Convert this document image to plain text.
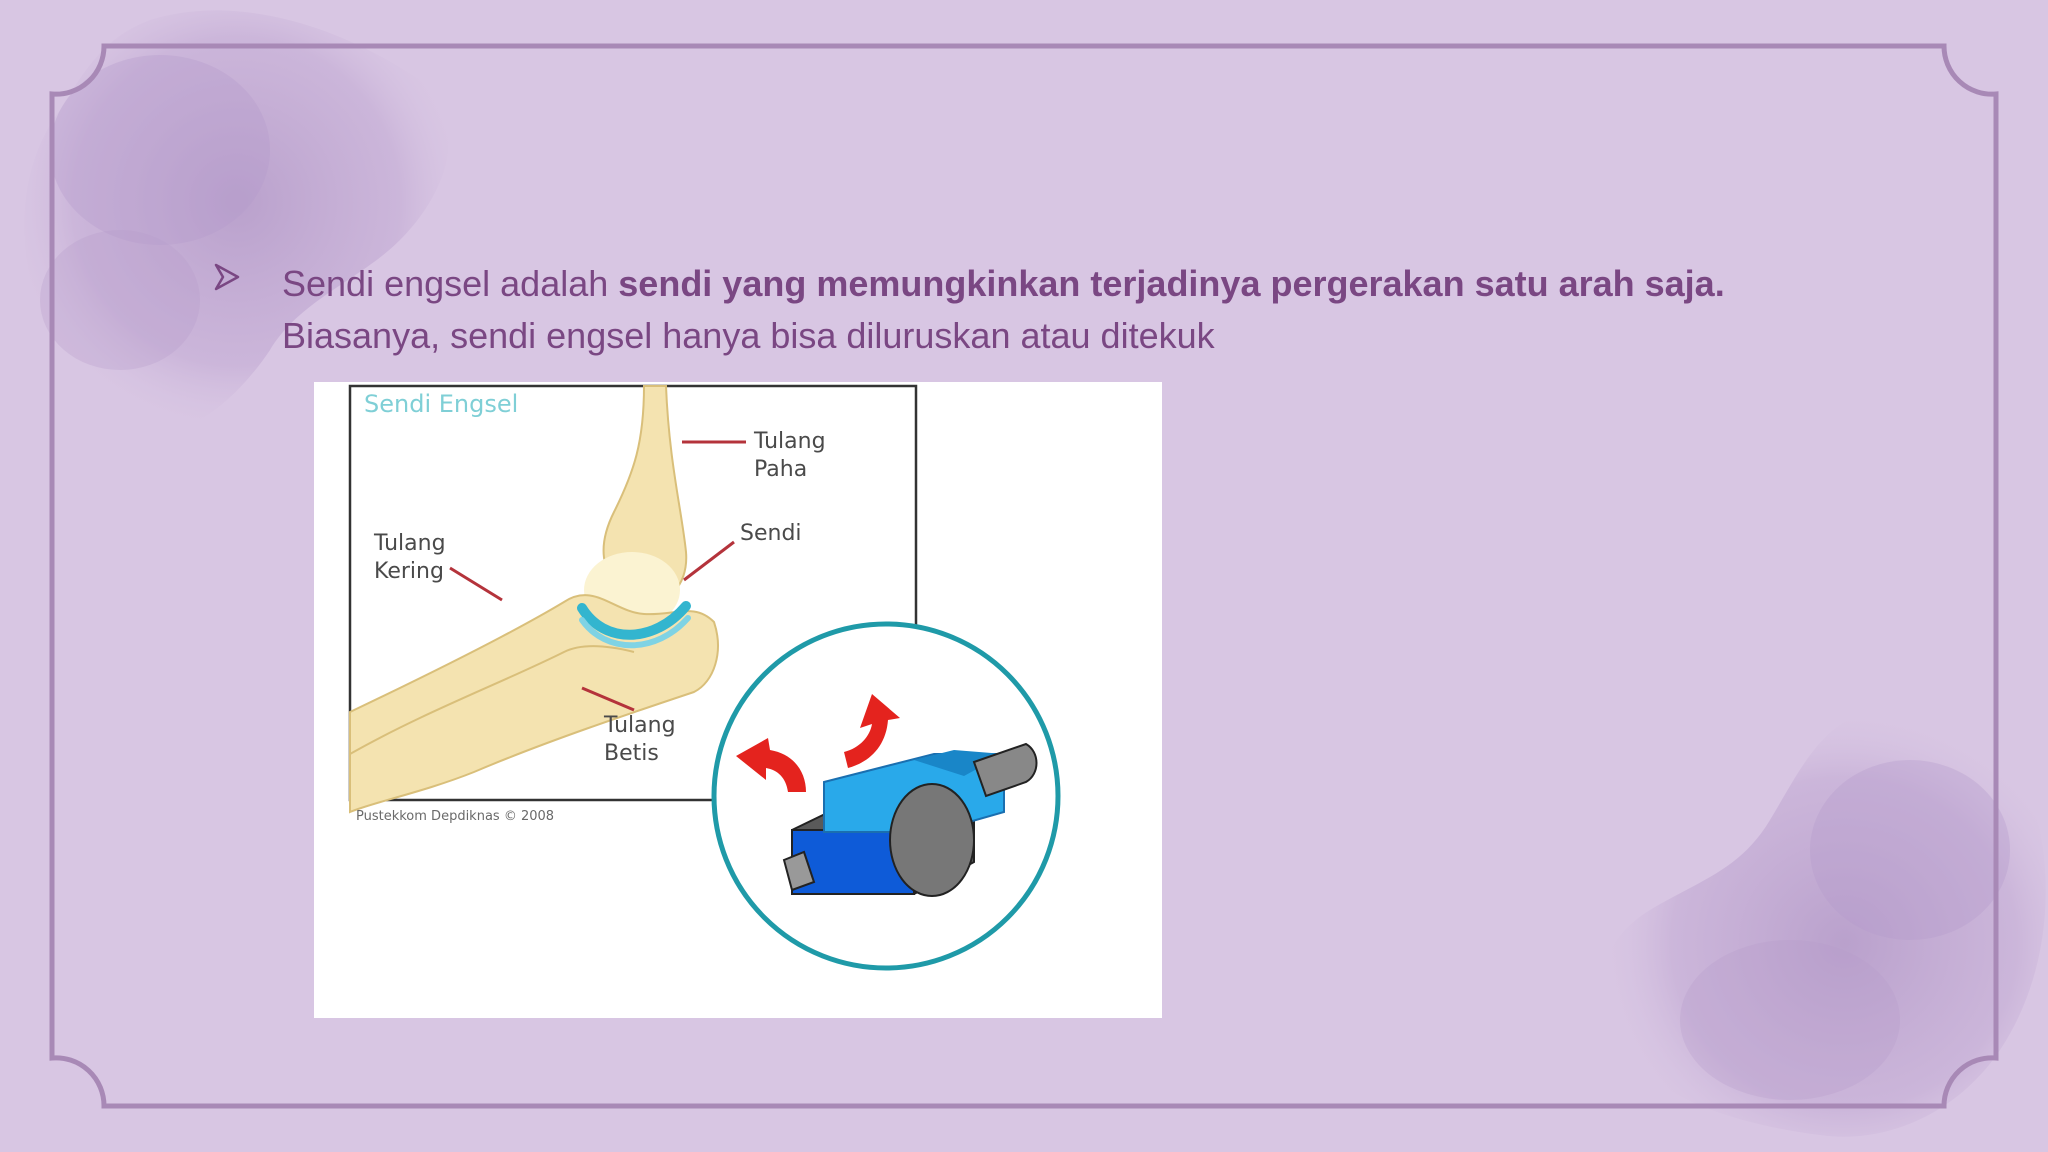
Sendi engsel adalah sendi yang memungkinkan terjadinya pergerakan satu arah saja.
Biasanya, sendi engsel hanya bisa diluruskan atau ditekuk
Sendi Engsel
Tulang
Paha
Sendi
Tulang
Kering
Tulang
Betis
Pustekkom Depdiknas © 2008
